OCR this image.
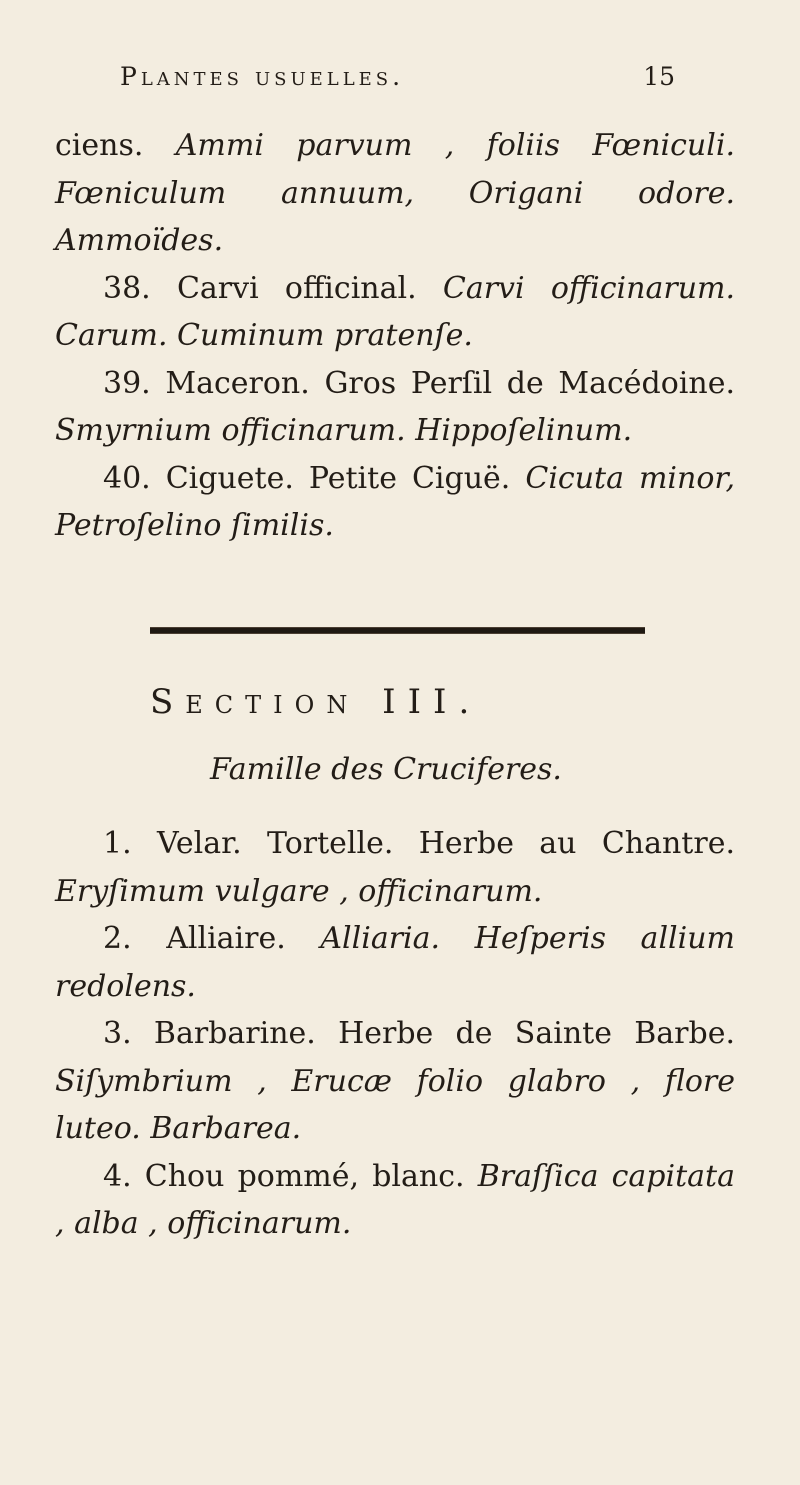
Plantes usuelles.	15

ciens. Ammi parvum , foliis Fœniculi. Fœniculum annuum, Origani odore. Ammoïdes.

38. Carvi officinal. Carvi officinarum. Carum. Cuminum pratenſe.

39. Maceron. Gros Perſil de Macédoine. Smyrnium officinarum. Hippoſelinum.

40. Ciguete. Petite Ciguë. Cicuta minor, Petroſelino ſimilis.

Section III.
Famille des Cruciferes.

1. Velar. Tortelle. Herbe au Chantre. Eryſimum vulgare , officinarum.

2. Alliaire. Alliaria. Heſperis allium redolens.

3. Barbarine. Herbe de Sainte Barbe. Siſymbrium , Erucæ folio glabro , flore luteo. Barbarea.

4. Chou pommé, blanc. Braſſica capitata , alba , officinarum.
